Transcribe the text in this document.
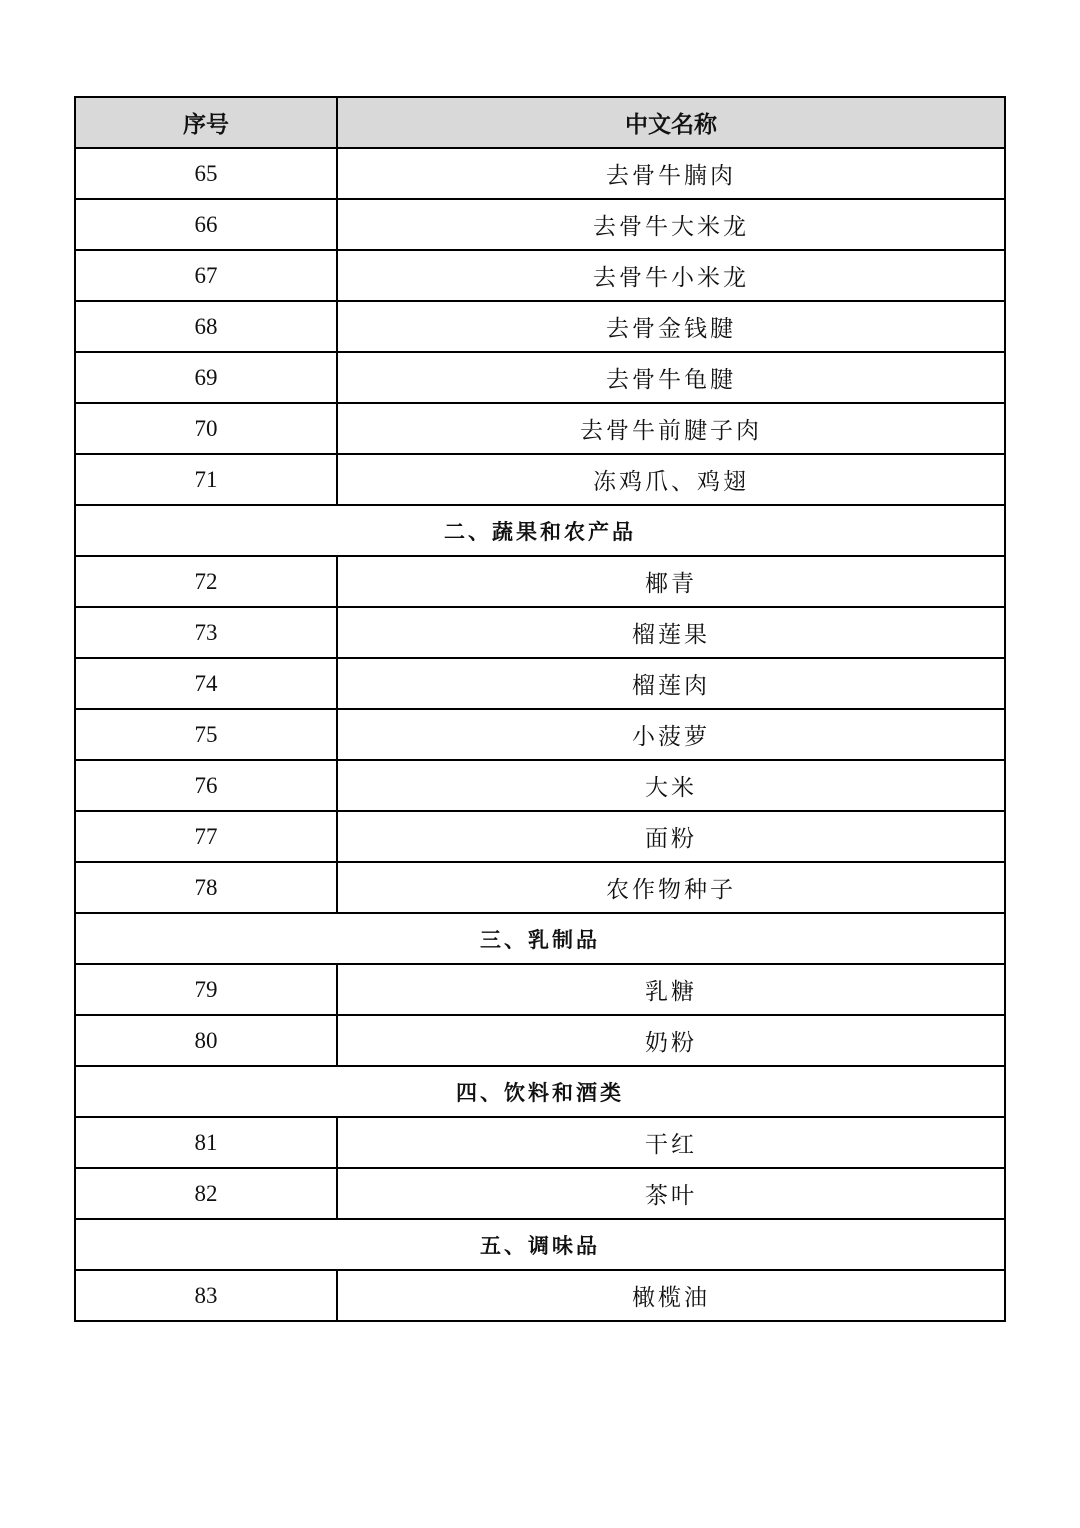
序号	中文名称
65	去骨牛腩肉
66	去骨牛大米龙
67	去骨牛小米龙
68	去骨金钱腱
69	去骨牛龟腱
70	去骨牛前腱子肉
71	冻鸡爪、鸡翅
二、蔬果和农产品	
72	椰青
73	榴莲果
74	榴莲肉
75	小菠萝
76	大米
77	面粉
78	农作物种子
三、乳制品	
79	乳糖
80	奶粉
四、饮料和酒类	
81	干红
82	茶叶
五、调味品	
83	橄榄油
